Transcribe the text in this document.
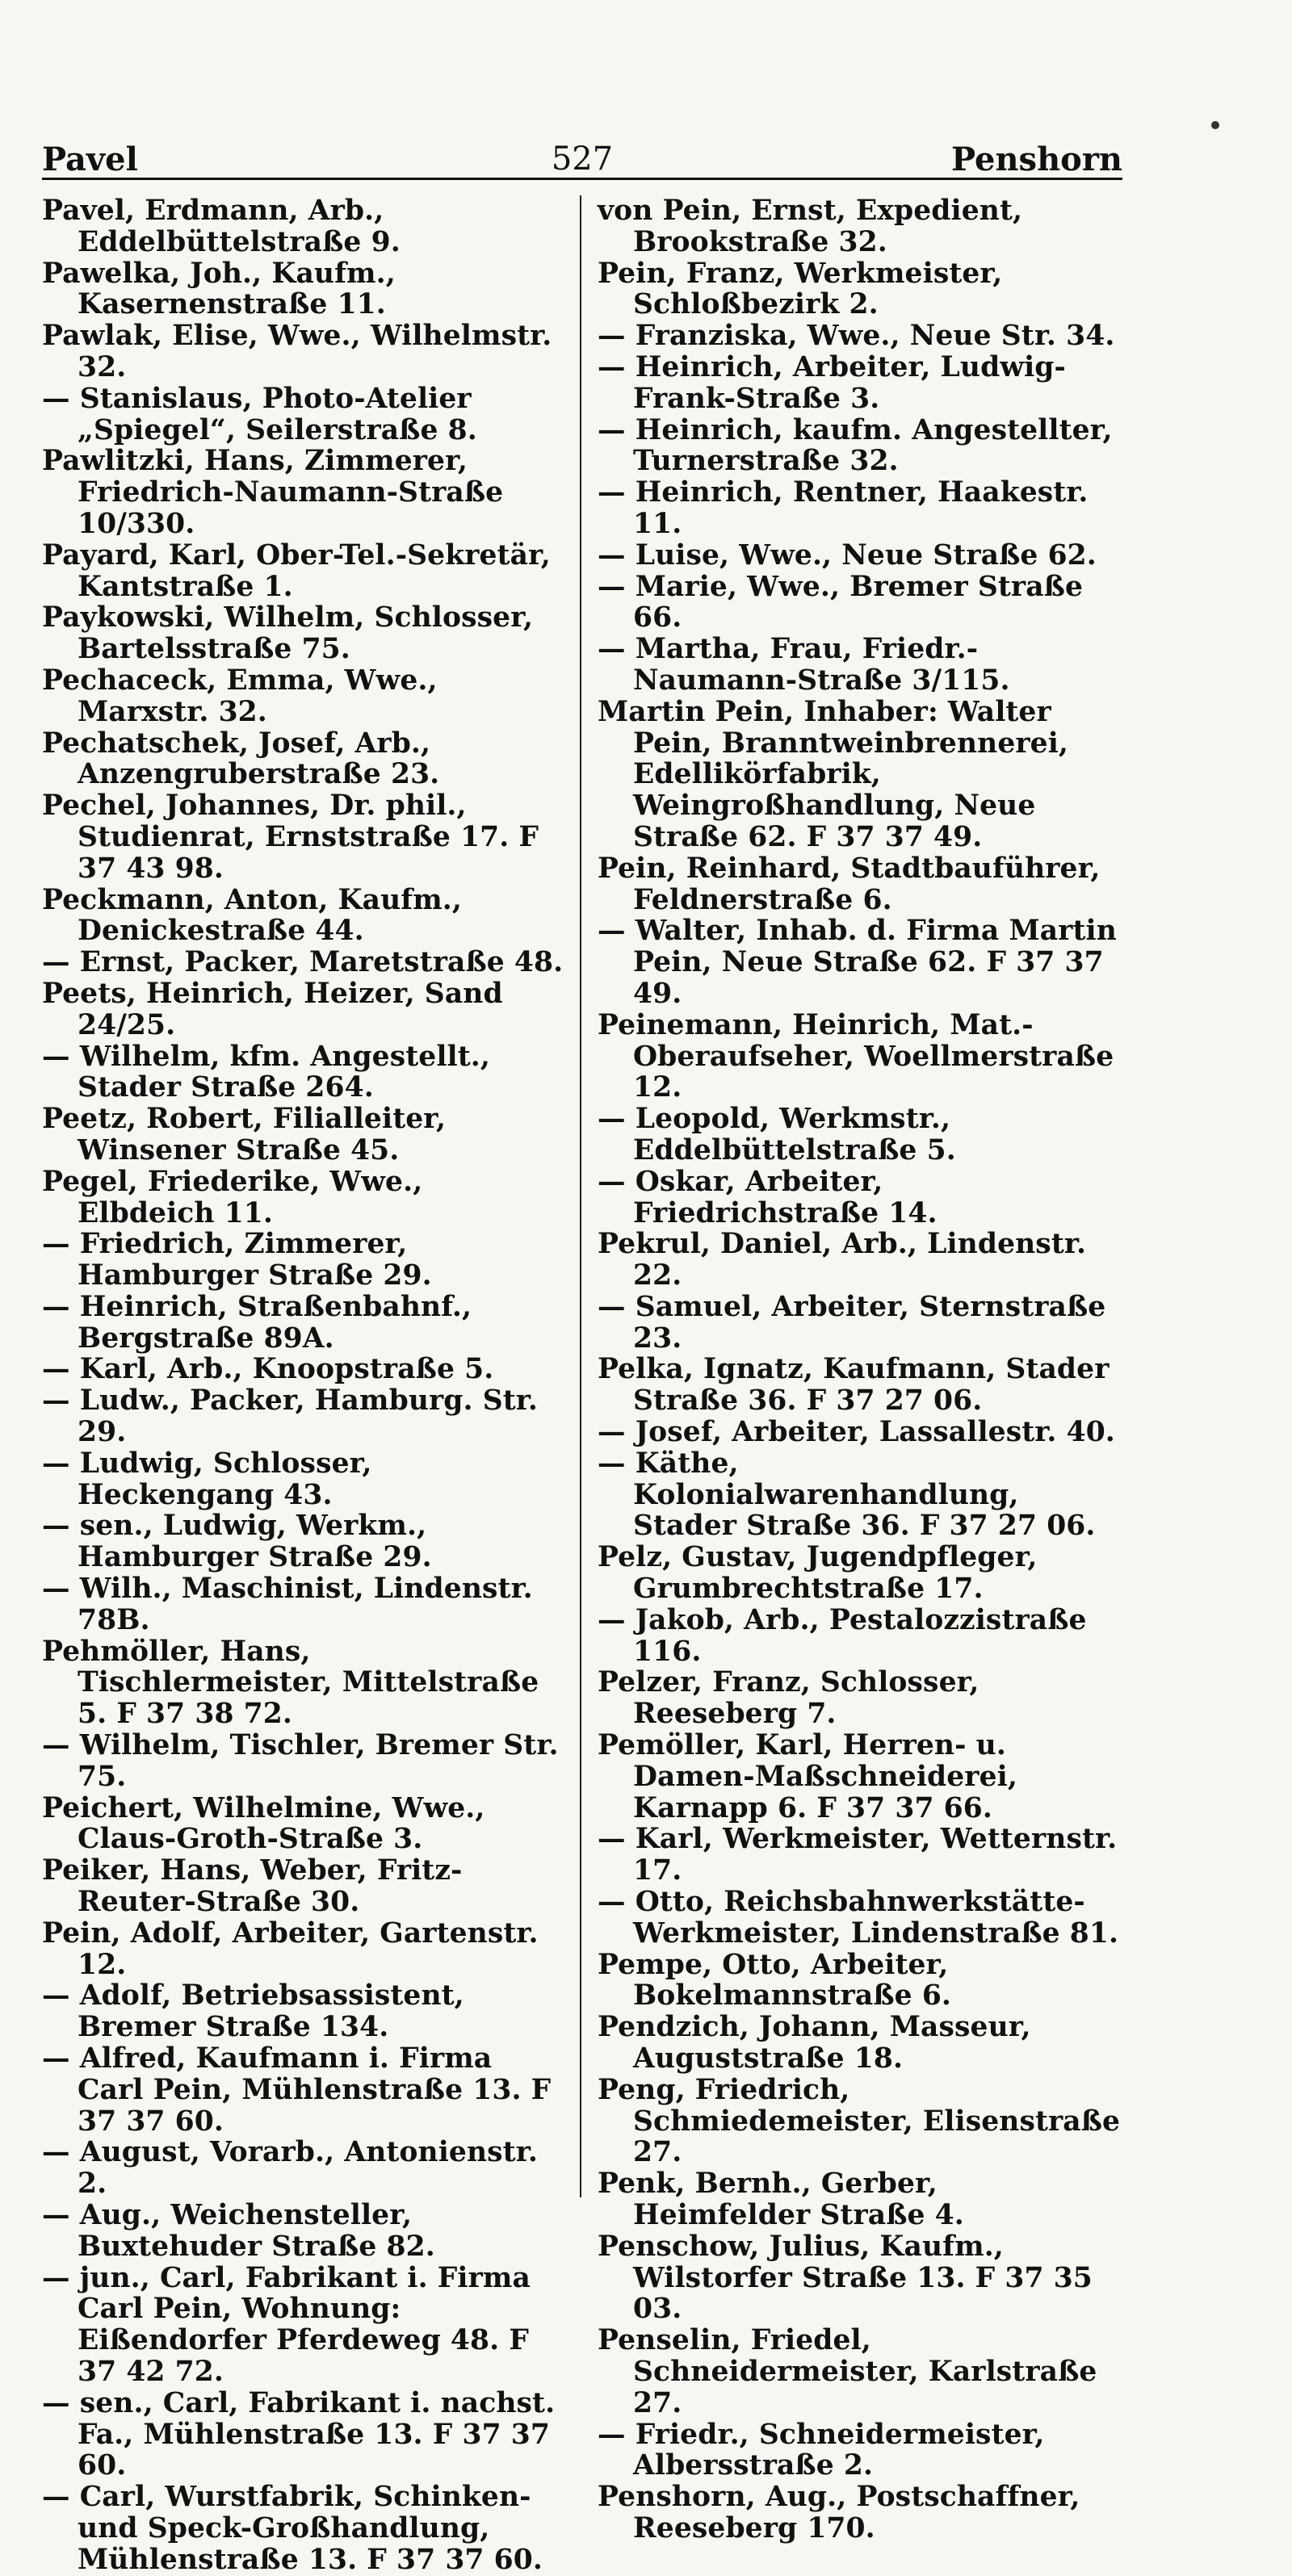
Pavel	527	Penshorn
Pavel, Erdmann, Arb., Eddelbüttelstraße 9.
Pawelka, Joh., Kaufm., Kasernenstraße 11.
Pawlak, Elise, Wwe., Wilhelmstr. 32.
— Stanislaus, Photo-Atelier „Spiegel“, Seilerstraße 8.
Pawlitzki, Hans, Zimmerer, Friedrich-Naumann-Straße 10/330.
Payard, Karl, Ober-Tel.-Sekretär, Kantstraße 1.
Paykowski, Wilhelm, Schlosser, Bartelsstraße 75.
Pechaceck, Emma, Wwe., Marxstr. 32.
Pechatschek, Josef, Arb., Anzengruberstraße 23.
Pechel, Johannes, Dr. phil., Studienrat, Ernststraße 17. F 37 43 98.
Peckmann, Anton, Kaufm., Denickestraße 44.
— Ernst, Packer, Maretstraße 48.
Peets, Heinrich, Heizer, Sand 24/25.
— Wilhelm, kfm. Angestellt., Stader Straße 264.
Peetz, Robert, Filialleiter, Winsener Straße 45.
Pegel, Friederike, Wwe., Elbdeich 11.
— Friedrich, Zimmerer, Hamburger Straße 29.
— Heinrich, Straßenbahnf., Bergstraße 89A.
— Karl, Arb., Knoopstraße 5.
— Ludw., Packer, Hamburg. Str. 29.
— Ludwig, Schlosser, Heckengang 43.
— sen., Ludwig, Werkm., Hamburger Straße 29.
— Wilh., Maschinist, Lindenstr. 78B.
Pehmöller, Hans, Tischlermeister, Mittelstraße 5. F 37 38 72.
— Wilhelm, Tischler, Bremer Str. 75.
Peichert, Wilhelmine, Wwe., Claus-Groth-Straße 3.
Peiker, Hans, Weber, Fritz-Reuter-Straße 30.
Pein, Adolf, Arbeiter, Gartenstr. 12.
— Adolf, Betriebsassistent, Bremer Straße 134.
— Alfred, Kaufmann i. Firma Carl Pein, Mühlenstraße 13. F 37 37 60.
— August, Vorarb., Antonienstr. 2.
— Aug., Weichensteller, Buxtehuder Straße 82.
— jun., Carl, Fabrikant i. Firma Carl Pein, Wohnung: Eißendorfer Pferdeweg 48. F 37 42 72.
— sen., Carl, Fabrikant i. nachst. Fa., Mühlenstraße 13. F 37 37 60.
— Carl, Wurstfabrik, Schinken- und Speck-Großhandlung, Mühlenstraße 13. F 37 37 60.
von Pein, Ernst, Expedient, Brookstraße 32.
Pein, Franz, Werkmeister, Schloßbezirk 2.
— Franziska, Wwe., Neue Str. 34.
— Heinrich, Arbeiter, Ludwig-Frank-Straße 3.
— Heinrich, kaufm. Angestellter, Turnerstraße 32.
— Heinrich, Rentner, Haakestr. 11.
— Luise, Wwe., Neue Straße 62.
— Marie, Wwe., Bremer Straße 66.
— Martha, Frau, Friedr.-Naumann-Straße 3/115.
Martin Pein, Inhaber: Walter Pein, Branntweinbrennerei, Edellikörfabrik, Weingroßhandlung, Neue Straße 62. F 37 37 49.
Pein, Reinhard, Stadtbauführer, Feldnerstraße 6.
— Walter, Inhab. d. Firma Martin Pein, Neue Straße 62. F 37 37 49.
Peinemann, Heinrich, Mat.-Oberaufseher, Woellmerstraße 12.
— Leopold, Werkmstr., Eddelbüttelstraße 5.
— Oskar, Arbeiter, Friedrichstraße 14.
Pekrul, Daniel, Arb., Lindenstr. 22.
— Samuel, Arbeiter, Sternstraße 23.
Pelka, Ignatz, Kaufmann, Stader Straße 36. F 37 27 06.
— Josef, Arbeiter, Lassallestr. 40.
— Käthe, Kolonialwarenhandlung, Stader Straße 36. F 37 27 06.
Pelz, Gustav, Jugendpfleger, Grumbrechtstraße 17.
— Jakob, Arb., Pestalozzistraße 116.
Pelzer, Franz, Schlosser, Reeseberg 7.
Pemöller, Karl, Herren- u. Damen-Maßschneiderei, Karnapp 6. F 37 37 66.
— Karl, Werkmeister, Wetternstr. 17.
— Otto, Reichsbahnwerkstätte-Werkmeister, Lindenstraße 81.
Pempe, Otto, Arbeiter, Bokelmannstraße 6.
Pendzich, Johann, Masseur, Auguststraße 18.
Peng, Friedrich, Schmiedemeister, Elisenstraße 27.
Penk, Bernh., Gerber, Heimfelder Straße 4.
Penschow, Julius, Kaufm., Wilstorfer Straße 13. F 37 35 03.
Penselin, Friedel, Schneidermeister, Karlstraße 27.
— Friedr., Schneidermeister, Albersstraße 2.
Penshorn, Aug., Postschaffner, Reeseberg 170.
